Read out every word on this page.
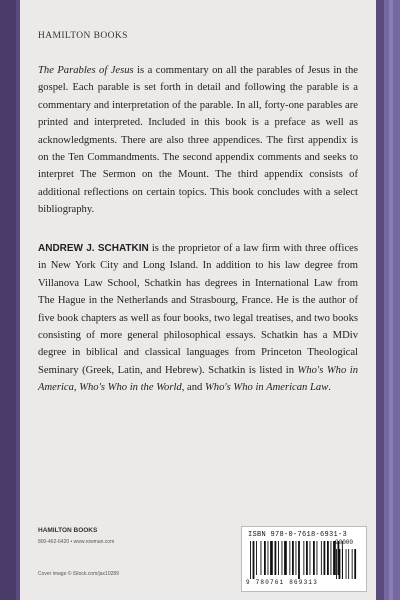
HAMILTON BOOKS
The Parables of Jesus is a commentary on all the parables of Jesus in the gospel. Each parable is set forth in detail and following the parable is a commentary and interpretation of the parable. In all, forty-one parables are printed and interpreted. Included in this book is a preface as well as acknowledgments. There are also three appendices. The first appendix is on the Ten Commandments. The second appendix comments and seeks to interpret The Sermon on the Mount. The third appendix consists of additional reflections on certain topics. This book concludes with a select bibliography.
ANDREW J. SCHATKIN is the proprietor of a law firm with three offices in New York City and Long Island. In addition to his law degree from Villanova Law School, Schatkin has degrees in International Law from The Hague in the Netherlands and Strasbourg, France. He is the author of five book chapters as well as four books, two legal treatises, and two books consisting of more general philosophical essays. Schatkin has a MDiv degree in biblical and classical languages from Princeton Theological Seminary (Greek, Latin, and Hebrew). Schatkin is listed in Who's Who in America, Who's Who in the World, and Who's Who in American Law.
HAMILTON BOOKS
800-462-6420 • www.rowman.com
Cover image © iStock.com/jax10289
ISBN 978-0-7618-6931-3
90000
9 780761 869313
